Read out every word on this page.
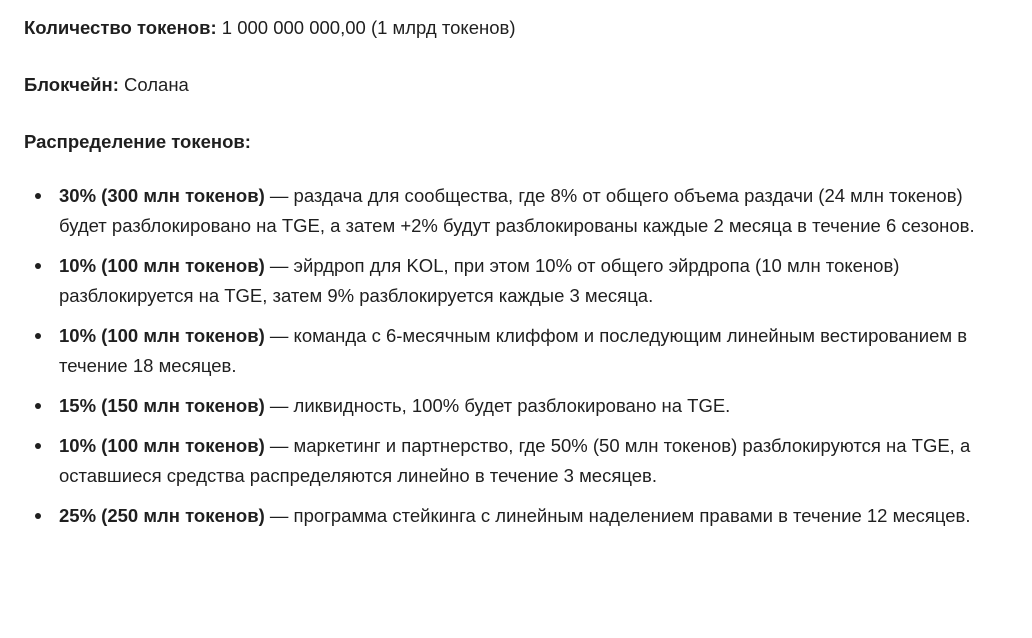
Количество токенов: 1 000 000 000,00 (1 млрд токенов)

Блокчейн: Солана

Распределение токенов:

30% (300 млн токенов) — раздача для сообщества, где 8% от общего объема раздачи (24 млн токенов) будет разблокировано на TGE, а затем +2% будут разблокированы каждые 2 месяца в течение 6 сезонов.
10% (100 млн токенов) — эйрдроп для KOL, при этом 10% от общего эйрдропа (10 млн токенов) разблокируется на TGE, затем 9% разблокируется каждые 3 месяца.
10% (100 млн токенов) — команда с 6-месячным клиффом и последующим линейным вестированием в течение 18 месяцев.
15% (150 млн токенов) — ликвидность, 100% будет разблокировано на TGE.
10% (100 млн токенов) — маркетинг и партнерство, где 50% (50 млн токенов) разблокируются на TGE, а оставшиеся средства распределяются линейно в течение 3 месяцев.
25% (250 млн токенов) — программа стейкинга с линейным наделением правами в течение 12 месяцев.
